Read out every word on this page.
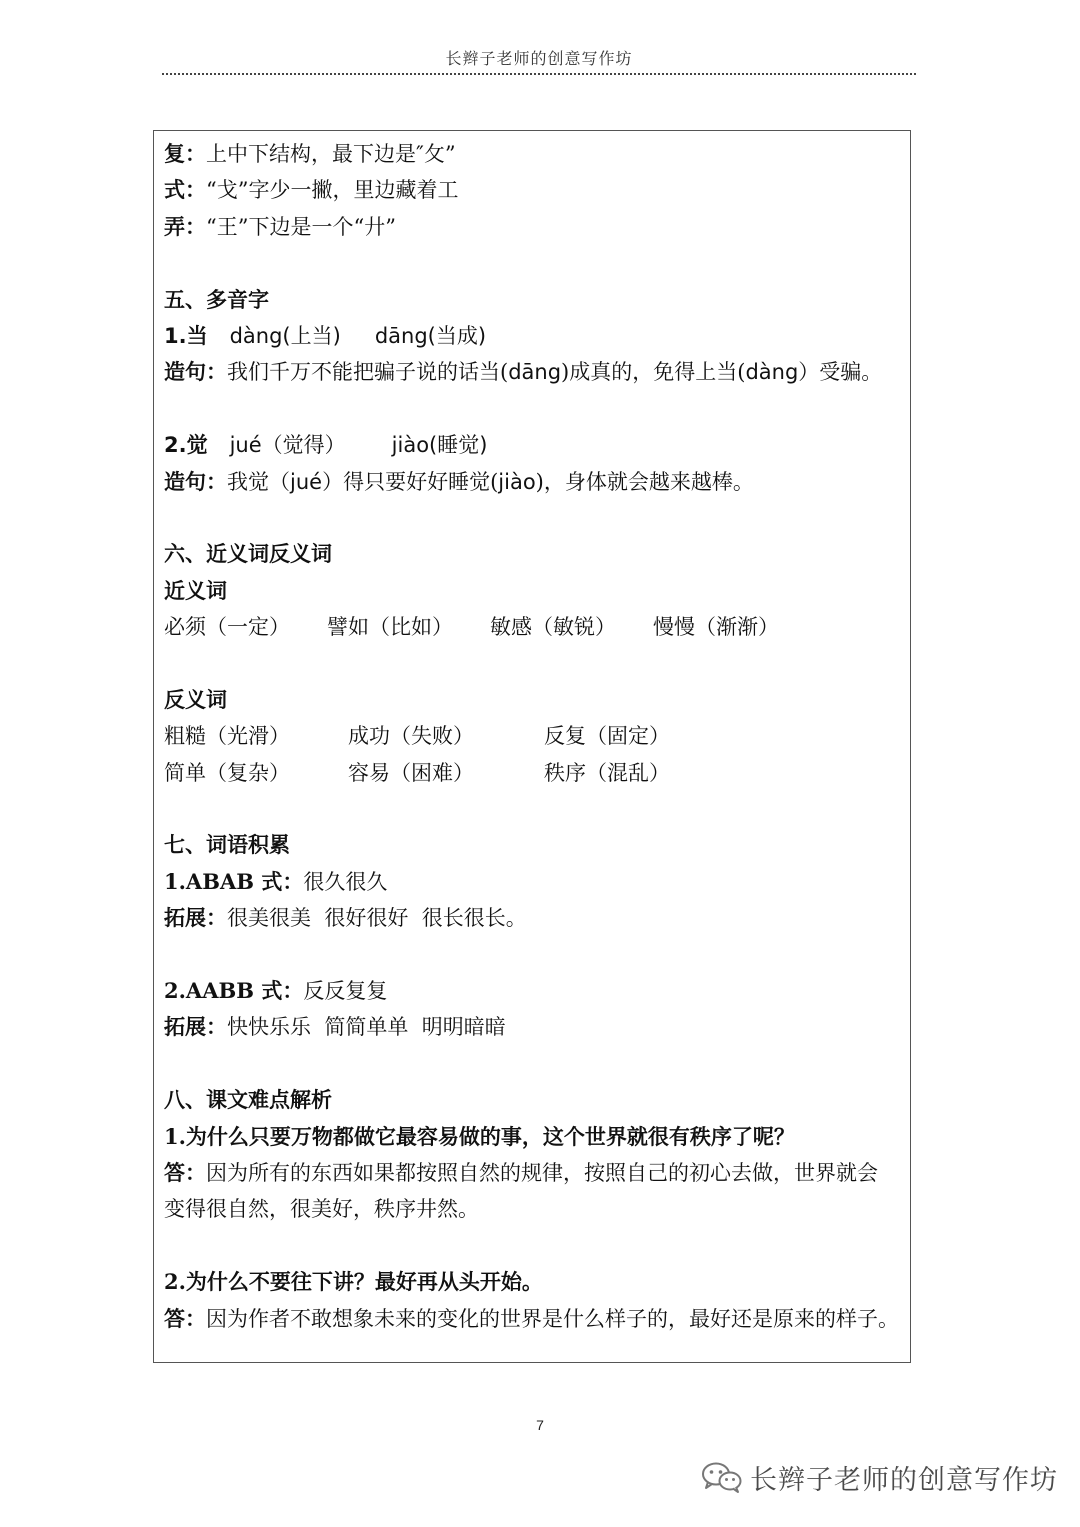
长辫子老师的创意写作坊
复：上中下结构，最下边是″攵”
式：“戈”字少一撇，里边藏着工
弄：“王”下边是一个“廾”
五、多音字
1.当 dàng(上当) dāng(当成)
造句：我们千万不能把骗子说的话当(dāng)成真的，免得上当(dàng）受骗。
2.觉 jué（觉得） jiào(睡觉)
造句：我觉（jué）得只要好好睡觉(jiào)，身体就会越来越棒。
六、近义词反义词
近义词
必须（一定） 譬如（比如） 敏感（敏锐） 慢慢（渐渐）
反义词
粗糙（光滑）	成功（失败）	反复（固定）
简单（复杂）	容易（困难）	秩序（混乱）
七、词语积累
1.ABAB 式：很久很久
拓展：很美很美  很好很好  很长很长。
2.AABB 式：反反复复
拓展：快快乐乐  简简单单  明明暗暗
八、课文难点解析
1.为什么只要万物都做它最容易做的事，这个世界就很有秩序了呢？
答：因为所有的东西如果都按照自然的规律，按照自己的初心去做，世界就会
变得很自然，很美好，秩序井然。
2.为什么不要往下讲？最好再从头开始。
答：因为作者不敢想象未来的变化的世界是什么样子的，最好还是原来的样子。
7
长辫子老师的创意写作坊
